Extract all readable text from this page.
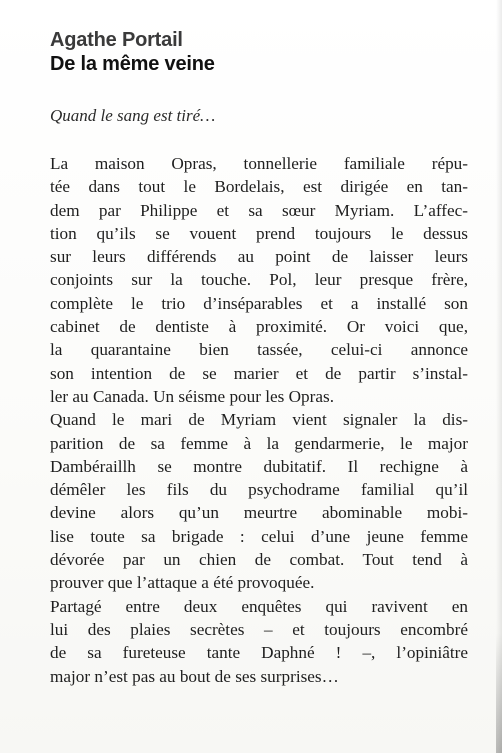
Agathe Portail
De la même veine

Quand le sang est tiré…

La maison Opras, tonnellerie familiale répu-
tée dans tout le Bordelais, est dirigée en tan-
dem par Philippe et sa sœur Myriam. L’affec-
tion qu’ils se vouent prend toujours le dessus
sur leurs différends au point de laisser leurs
conjoints sur la touche. Pol, leur presque frère,
complète le trio d’inséparables et a installé son
cabinet de dentiste à proximité. Or voici que,
la quarantaine bien tassée, celui-ci annonce
son intention de se marier et de partir s’instal-
ler au Canada. Un séisme pour les Opras.
Quand le mari de Myriam vient signaler la dis-
parition de sa femme à la gendarmerie, le major
Dambéraillh se montre dubitatif. Il rechigne à
démêler les fils du psychodrame familial qu’il
devine alors qu’un meurtre abominable mobi-
lise toute sa brigade : celui d’une jeune femme
dévorée par un chien de combat. Tout tend à
prouver que l’attaque a été provoquée.
Partagé entre deux enquêtes qui ravivent en
lui des plaies secrètes – et toujours encombré
de sa fureteuse tante Daphné ! –, l’opiniâtre
major n’est pas au bout de ses surprises…
